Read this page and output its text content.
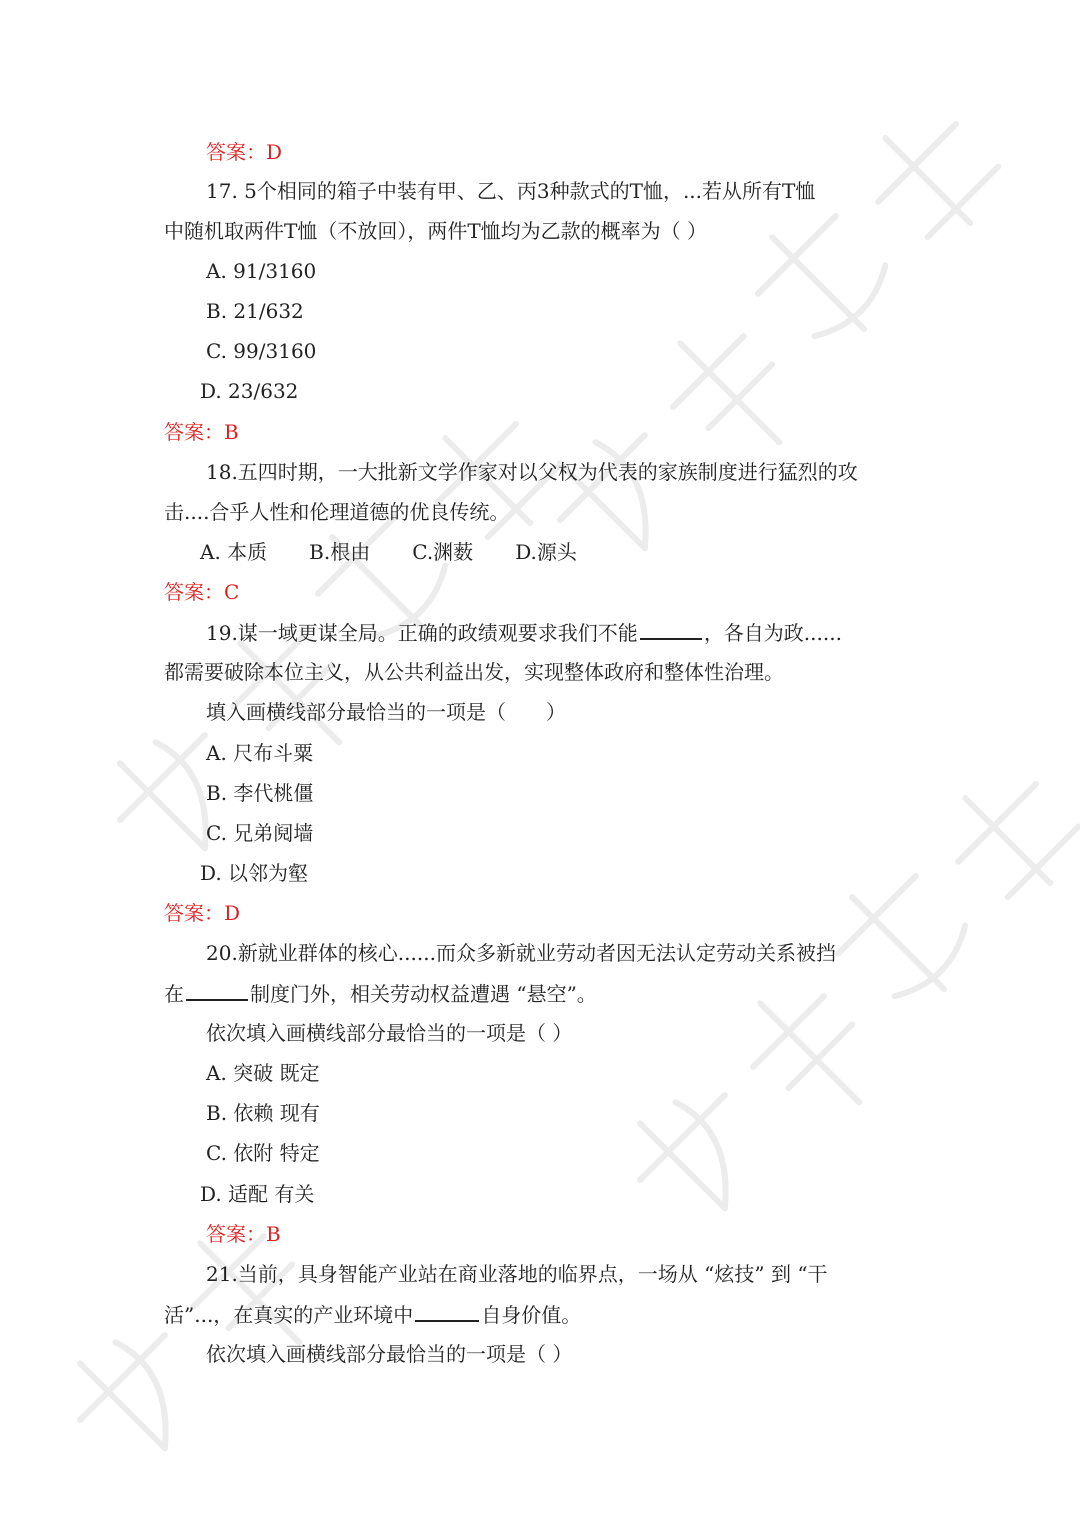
答案：D
17. 5个相同的箱子中装有甲、乙、丙3种款式的T恤，...若从所有T恤
中随机取两件T恤（不放回），两件T恤均为乙款的概率为（ ）
A. 91/3160
B. 21/632
C. 99/3160
D. 23/632
答案：B
18.五四时期，一大批新文学作家对以父权为代表的家族制度进行猛烈的攻
击....合乎人性和伦理道德的优良传统。
A. 本质 B.根由 C.渊薮 D.源头
答案：C
19.谋一域更谋全局。正确的政绩观要求我们不能	，各自为政......
都需要破除本位主义，从公共利益出发，实现整体政府和整体性治理。
填入画横线部分最恰当的一项是（　　）
A. 尺布斗粟
B. 李代桃僵
C. 兄弟阋墙
D. 以邻为壑
答案：D
20.新就业群体的核心......而众多新就业劳动者因无法认定劳动关系被挡
在	制度门外，相关劳动权益遭遇 “悬空”。
依次填入画横线部分最恰当的一项是（ ）
A. 突破 既定
B. 依赖 现有
C. 依附 特定
D. 适配 有关
答案：B
21.当前，具身智能产业站在商业落地的临界点，一场从 “炫技” 到 “干
活”...，在真实的产业环境中	自身价值。
依次填入画横线部分最恰当的一项是（ ）
